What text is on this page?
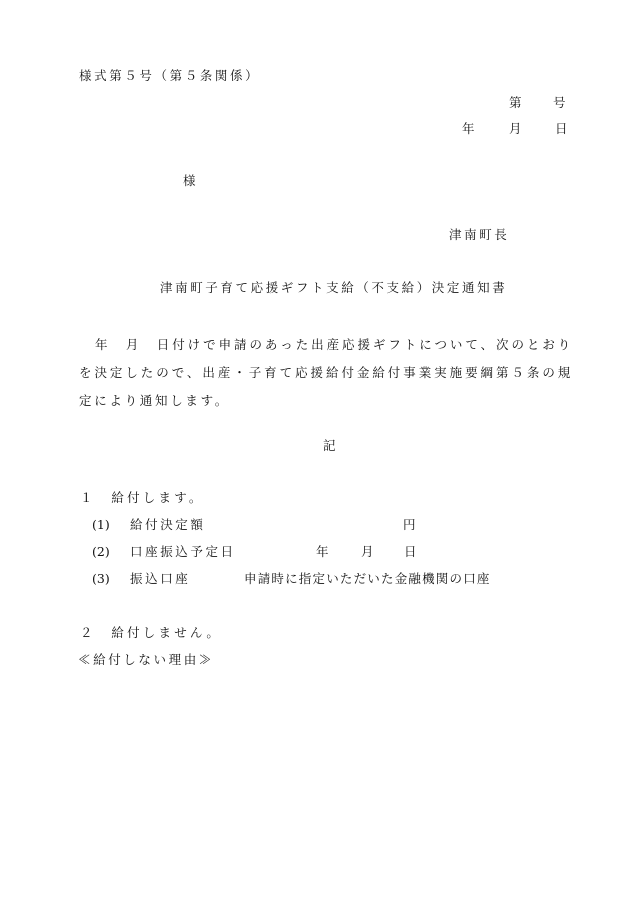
様式第５号（第５条関係）
第	号
年	月	日
様
津南町長
津南町子育て応援ギフト支給（不支給）決定通知書
年　月　日付けで申請のあった出産応援ギフトについて、次のとおりを決定したので、出産・子育て応援給付金給付事業実施要綱第５条の規定により通知します。
記
１　給付します。
(1) 給付決定額	円
(2) 口座振込予定日	年	月 日
(3) 振込口座	申請時に指定いただいた金融機関の口座
２　給付しません。
≪給付しない理由≫
